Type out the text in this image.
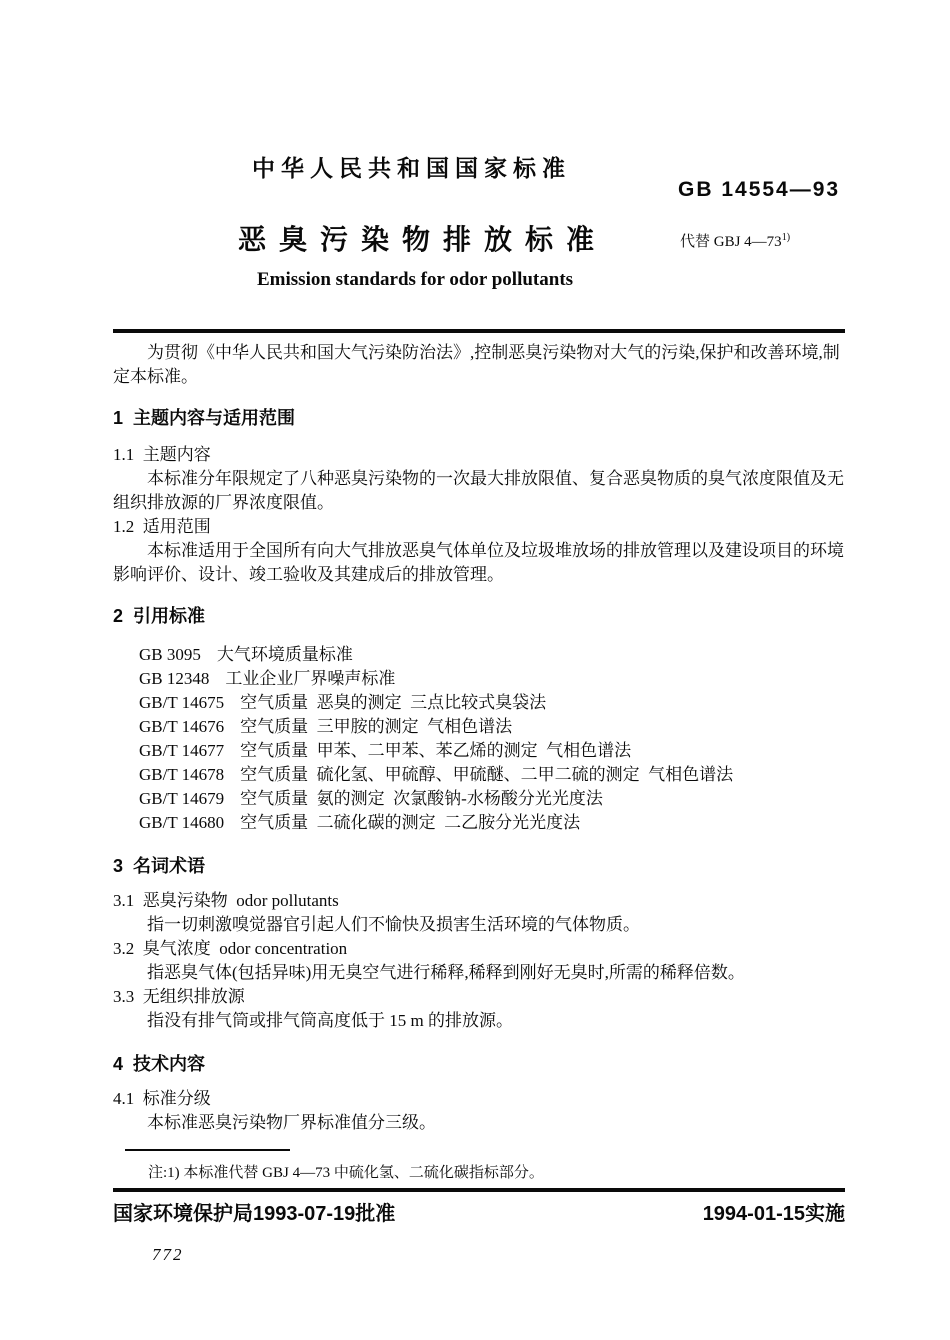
中华人民共和国国家标准
GB 14554—93
恶臭污染物排放标准	代替 GBJ 4—73$^{1)}$
Emission standards for odor pollutants

为贯彻《中华人民共和国大气污染防治法》,控制恶臭污染物对大气的污染,保护和改善环境,制定本标准。

1  主题内容与适用范围
1.1  主题内容

本标准分年限规定了八种恶臭污染物的一次最大排放限值、复合恶臭物质的臭气浓度限值及无组织排放源的厂界浓度限值。

1.2  适用范围

本标准适用于全国所有向大气排放恶臭气体单位及垃圾堆放场的排放管理以及建设项目的环境影响评价、设计、竣工验收及其建成后的排放管理。

2  引用标准
GB 3095 大气环境质量标准
GB 12348 工业企业厂界噪声标准
GB/T 14675 空气质量  恶臭的测定  三点比较式臭袋法
GB/T 14676 空气质量  三甲胺的测定  气相色谱法
GB/T 14677 空气质量  甲苯、二甲苯、苯乙烯的测定  气相色谱法
GB/T 14678 空气质量  硫化氢、甲硫醇、甲硫醚、二甲二硫的测定  气相色谱法
GB/T 14679 空气质量  氨的测定  次氯酸钠-水杨酸分光光度法
GB/T 14680 空气质量  二硫化碳的测定  二乙胺分光光度法
3  名词术语
3.1  恶臭污染物  odor pollutants

指一切刺激嗅觉器官引起人们不愉快及损害生活环境的气体物质。

3.2  臭气浓度  odor concentration

指恶臭气体(包括异味)用无臭空气进行稀释,稀释到刚好无臭时,所需的稀释倍数。

3.3  无组织排放源

指没有排气筒或排气筒高度低于 15 m 的排放源。

4  技术内容
4.1  标准分级

本标准恶臭污染物厂界标准值分三级。

注:1) 本标准代替 GBJ 4—73 中硫化氢、二硫化碳指标部分。
国家环境保护局1993-07-19批准	1994-01-15实施
772
